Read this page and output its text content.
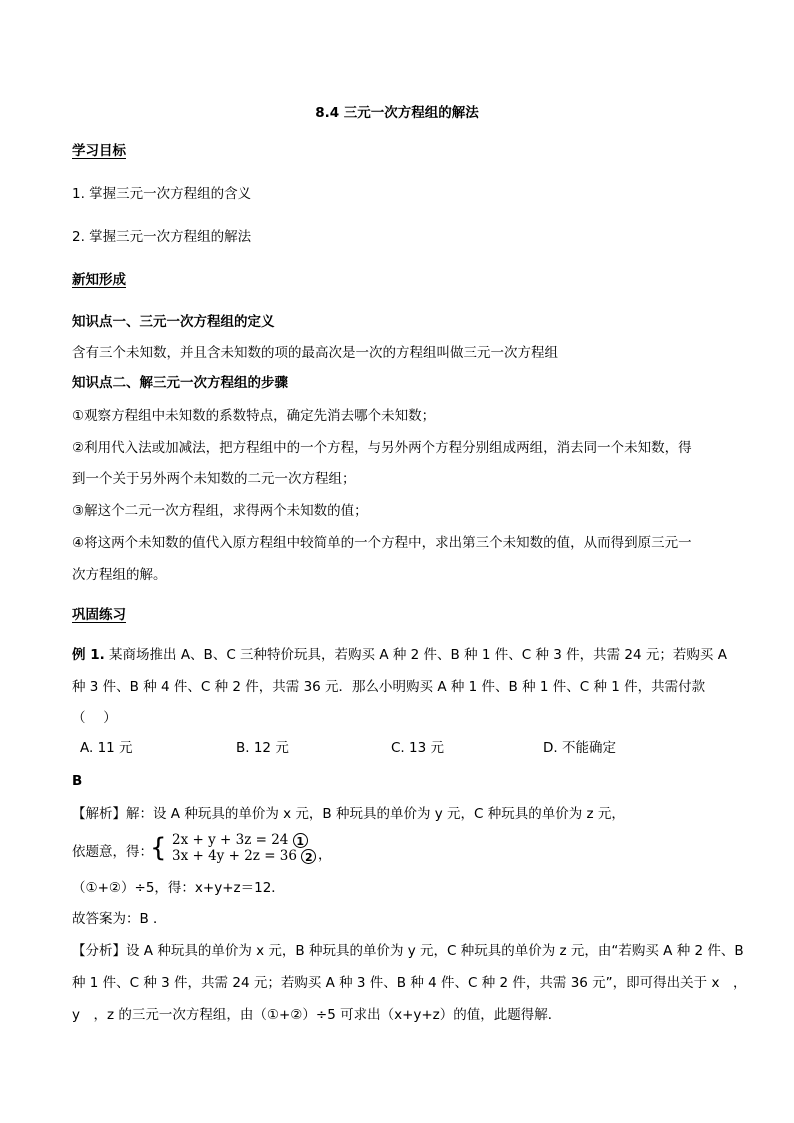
8.4 三元一次方程组的解法
学习目标
1. 掌握三元一次方程组的含义
2. 掌握三元一次方程组的解法
新知形成
知识点一、三元一次方程组的定义
含有三个未知数，并且含未知数的项的最高次是一次的方程组叫做三元一次方程组
知识点二、解三元一次方程组的步骤
①观察方程组中未知数的系数特点，确定先消去哪个未知数；
②利用代入法或加减法，把方程组中的一个方程，与另外两个方程分别组成两组，消去同一个未知数，得
到一个关于另外两个未知数的二元一次方程组；
③解这个二元一次方程组，求得两个未知数的值；
④将这两个未知数的值代入原方程组中较简单的一个方程中，求出第三个未知数的值，从而得到原三元一
次方程组的解。
巩固练习
例 1. 某商场推出 A、B、C 三种特价玩具，若购买 A 种 2 件、B 种 1 件、C 种 3 件，共需 24 元；若购买 A
种 3 件、B 种 4 件、C 种 2 件，共需 36 元．那么小明购买 A 种 1 件、B 种 1 件、C 种 1 件，共需付款
（　 ）
A. 11 元	B. 12 元	C. 13 元	D. 不能确定
B
【解析】解：设 A 种玩具的单价为 x 元，B 种玩具的单价为 y 元，C 种玩具的单价为 z 元，
依题意，得：
{ 2x + y + 3z = 24 1
3x + 4y + 2z = 36 2 ，
（①+②）÷5，得：x+y+z＝12．
故答案为：B ．
【分析】设 A 种玩具的单价为 x 元，B 种玩具的单价为 y 元，C 种玩具的单价为 z 元，由“若购买 A 种 2 件、B
种 1 件、C 种 3 件，共需 24 元；若购买 A 种 3 件、B 种 4 件、C 种 2 件，共需 36 元”，即可得出关于 x　，
y　，z 的三元一次方程组，由（①+②）÷5 可求出（x+y+z）的值，此题得解．
